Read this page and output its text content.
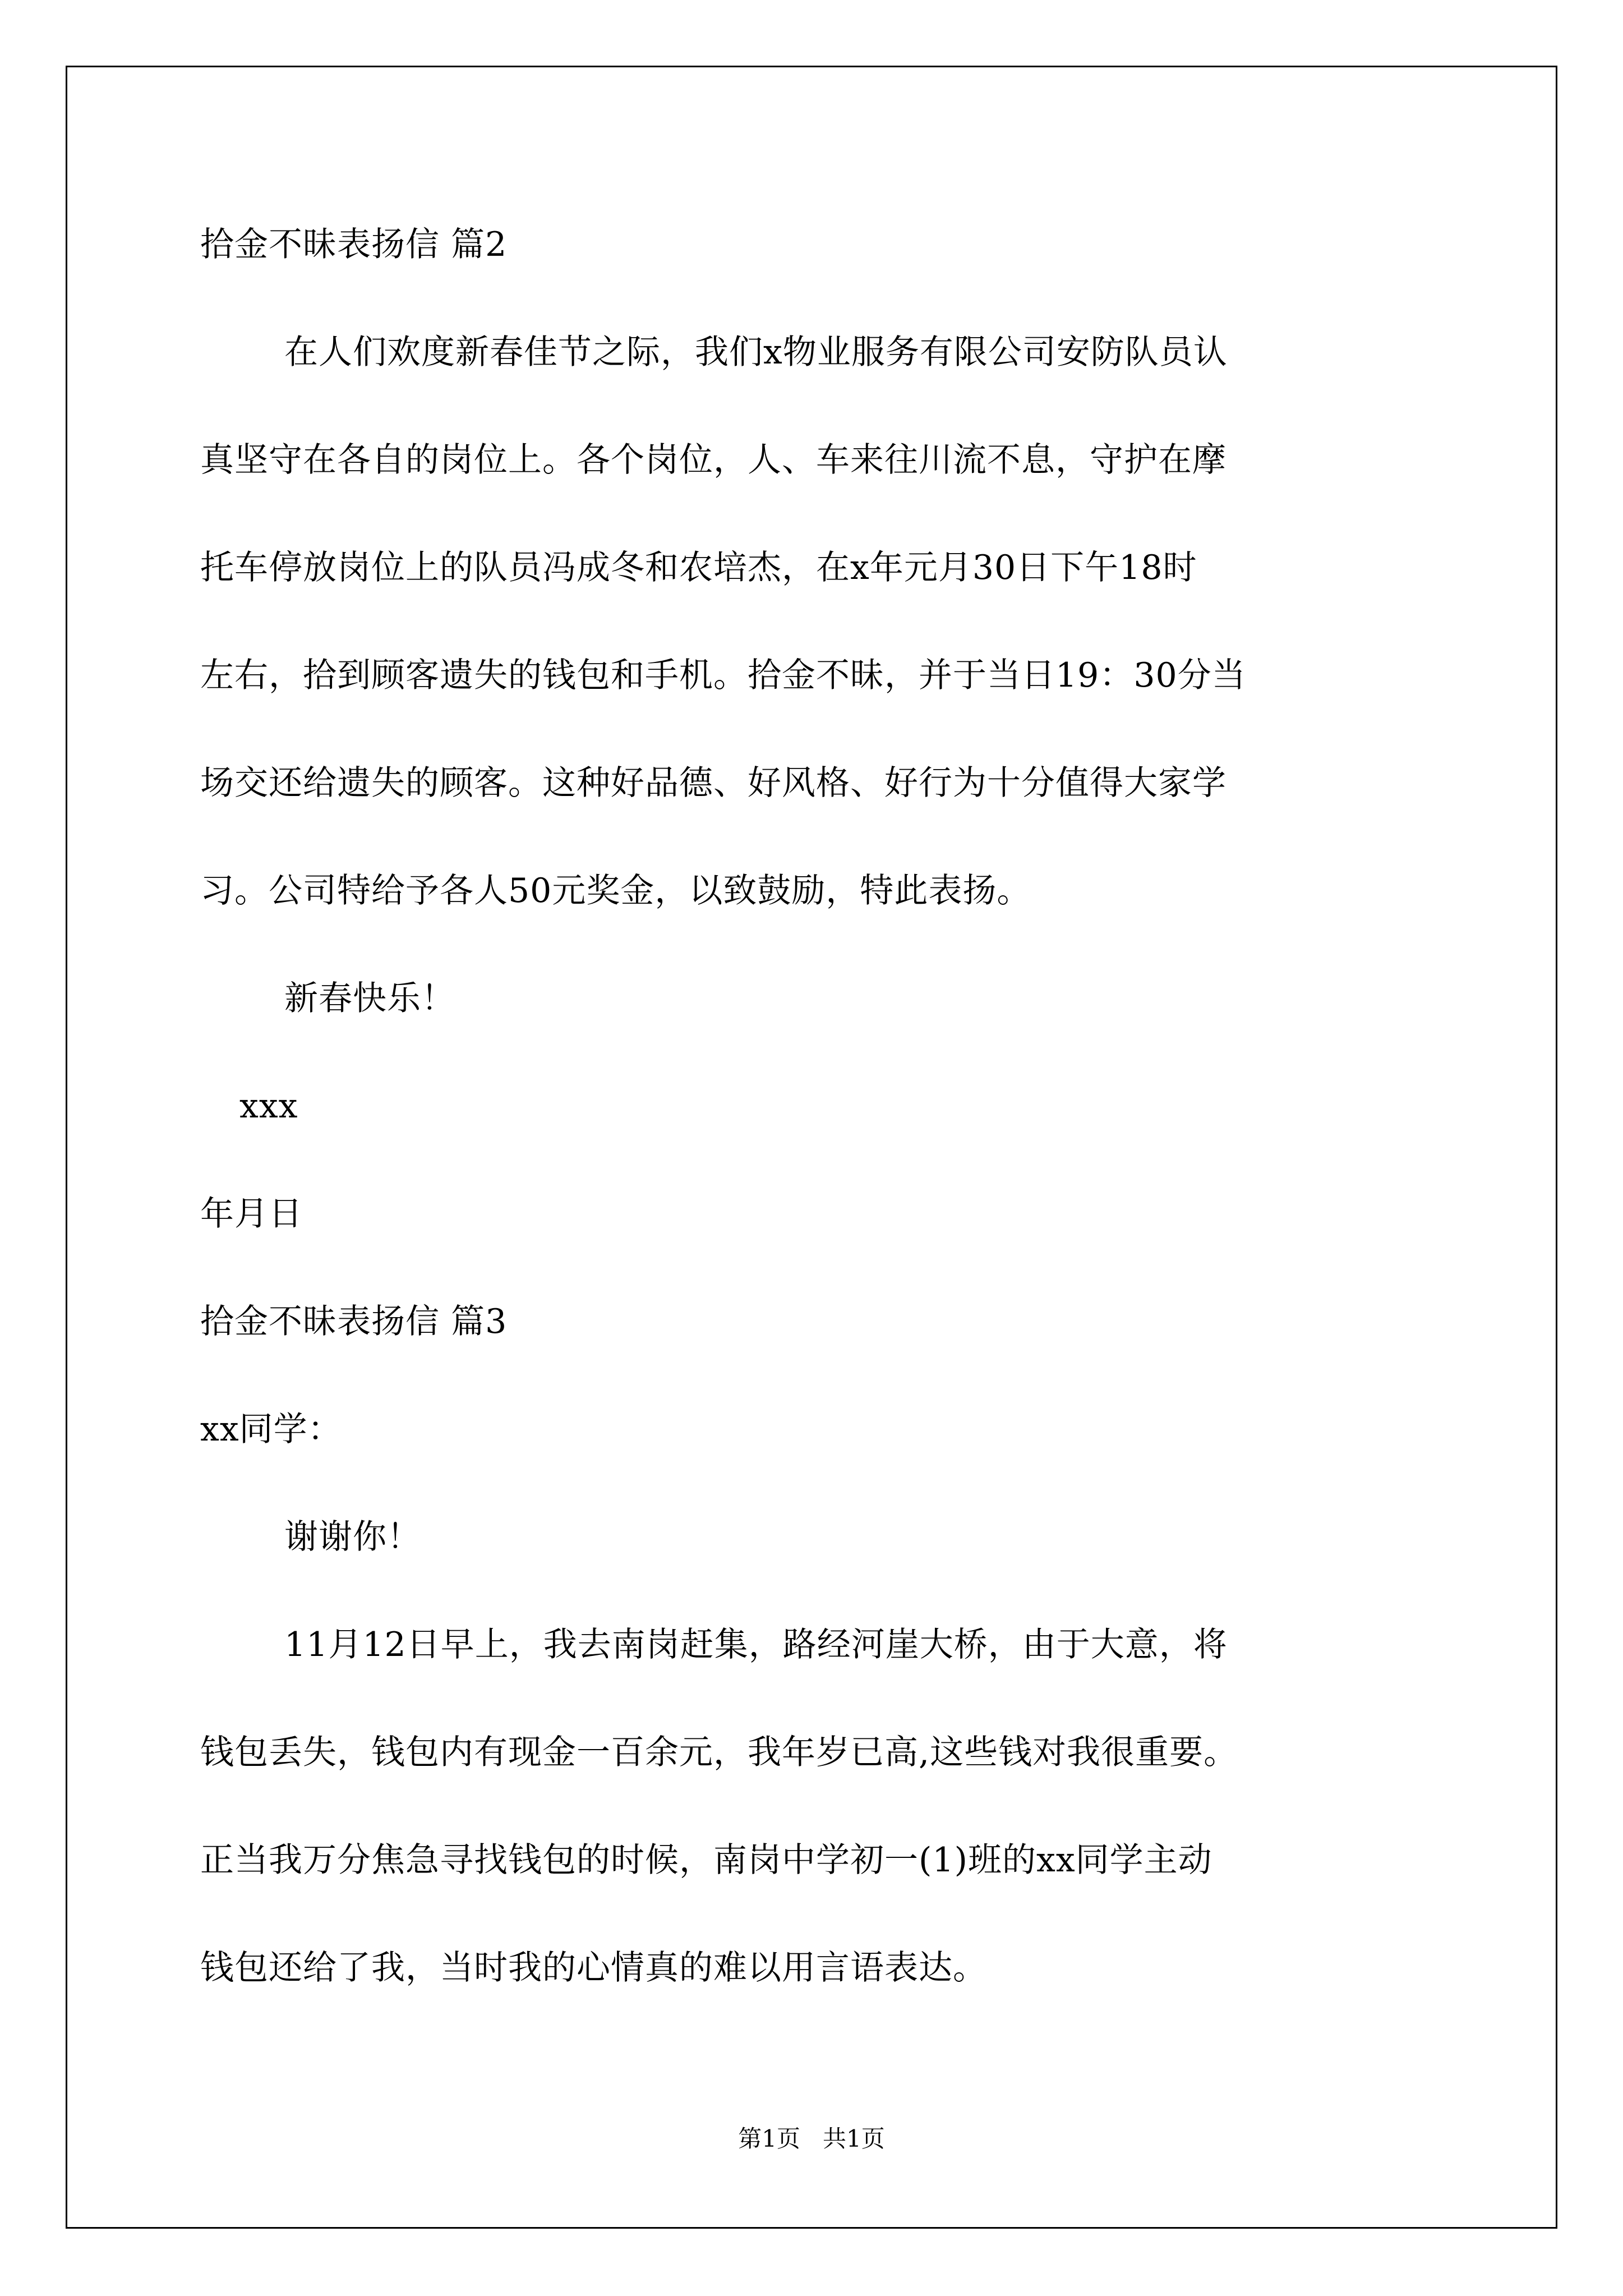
拾金不昧表扬信 篇2
在人们欢度新春佳节之际，我们x物业服务有限公司安防队员认
真坚守在各自的岗位上。各个岗位，人、车来往川流不息，守护在摩
托车停放岗位上的队员冯成冬和农培杰，在x年元月30日下午18时
左右，拾到顾客遗失的钱包和手机。拾金不昧，并于当日19：30分当
场交还给遗失的顾客。这种好品德、好风格、好行为十分值得大家学
习。公司特给予各人50元奖金，以致鼓励，特此表扬。
新春快乐！
xxx
年月日
拾金不昧表扬信 篇3
xx同学：
谢谢你！
11月12日早上，我去南岗赶集，路经河崖大桥，由于大意，将
钱包丢失，钱包内有现金一百余元，我年岁已高,这些钱对我很重要。
正当我万分焦急寻找钱包的时候，南岗中学初一(1)班的xx同学主动
钱包还给了我，当时我的心情真的难以用言语表达。
第1页   共1页
